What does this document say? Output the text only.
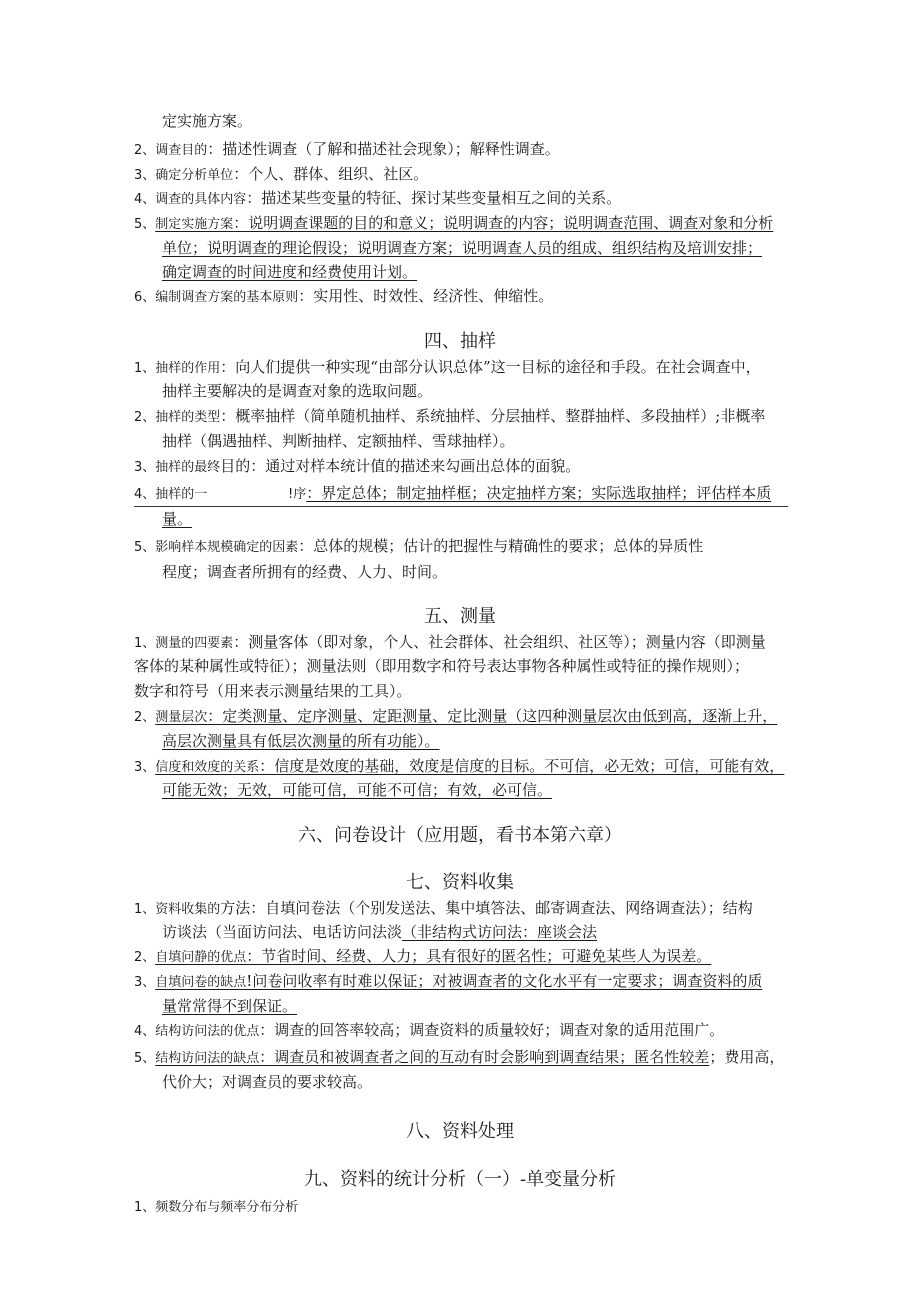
定实施方案。
2、调查目的：描述性调查（了解和描述社会现象）；解释性调查。
3、确定分析单位：个人、群体、组织、社区。
4、调查的具体内容：描述某些变量的特征、探讨某些变量相互之间的关系。
5、制定实施方案：说明调查课题的目的和意义；说明调查的内容；说明调查范围、调查对象和分析
单位；说明调查的理论假设；说明调查方案；说明调查人员的组成、组织结构及培训安排；
确定调查的时间进度和经费使用计划。
6、编制调查方案的基本原则：实用性、时效性、经济性、伸缩性。
四、抽样
1、抽样的作用：向人们提供一种实现“由部分认识总体”这一目标的途径和手段。在社会调查中，
抽样主要解决的是调查对象的选取问题。
2、抽样的类型：概率抽样（简单随机抽样、系统抽样、分层抽样、整群抽样、多段抽样）;非概率
抽样（偶遇抽样、判断抽样、定额抽样、雪球抽样）。
3、抽样的最终目的：通过对样本统计值的描述来勾画出总体的面貌。
4、抽样的一	!序：界定总体；制定抽样框；决定抽样方案；实际选取抽样；评估样本质
量。
5、影响样本规模确定的因素：总体的规模；估计的把握性与精确性的要求；总体的异质性
程度；调查者所拥有的经费、人力、时间。
五、测量
1、测量的四要素：测量客体（即对象，个人、社会群体、社会组织、社区等）；测量内容（即测量
客体的某种属性或特征）；测量法则（即用数字和符号表达事物各种属性或特征的操作规则）；
数字和符号（用来表示测量结果的工具）。
2、测量层次：定类测量、定序测量、定距测量、定比测量（这四种测量层次由低到高，逐渐上升，
高层次测量具有低层次测量的所有功能）。
3、信度和效度的关系：信度是效度的基础，效度是信度的目标。不可信，必无效；可信，可能有效，
可能无效；无效，可能可信，可能不可信；有效，必可信。
六、问卷设计（应用题，看书本第六章）
七、资料收集
1、资料收集的方法：自填问卷法（个别发送法、集中填答法、邮寄调查法、网络调查法）；结构
访谈法（当面访问法、电话访问法淡（非结构式访问法：座谈会法
2、自填问静的优点：节省时间、经费、人力；具有很好的匿名性；可避免某些人为误差。
3、自填问卷的缺点!问卷问收率有时难以保证；对被调查者的文化水平有一定要求；调查资料的质
量常常得不到保证。
4、结构访问法的优点：调查的回答率较高；调查资料的质量较好；调查对象的适用范围广。
5、结构访问法的缺点：调查员和被调查者之间的互动有时会影响到调查结果；匿名性较差；费用高，
代价大；对调查员的要求较高。
八、资料处理
九、资料的统计分析（一）-单变量分析
1、频数分布与频率分布分析
